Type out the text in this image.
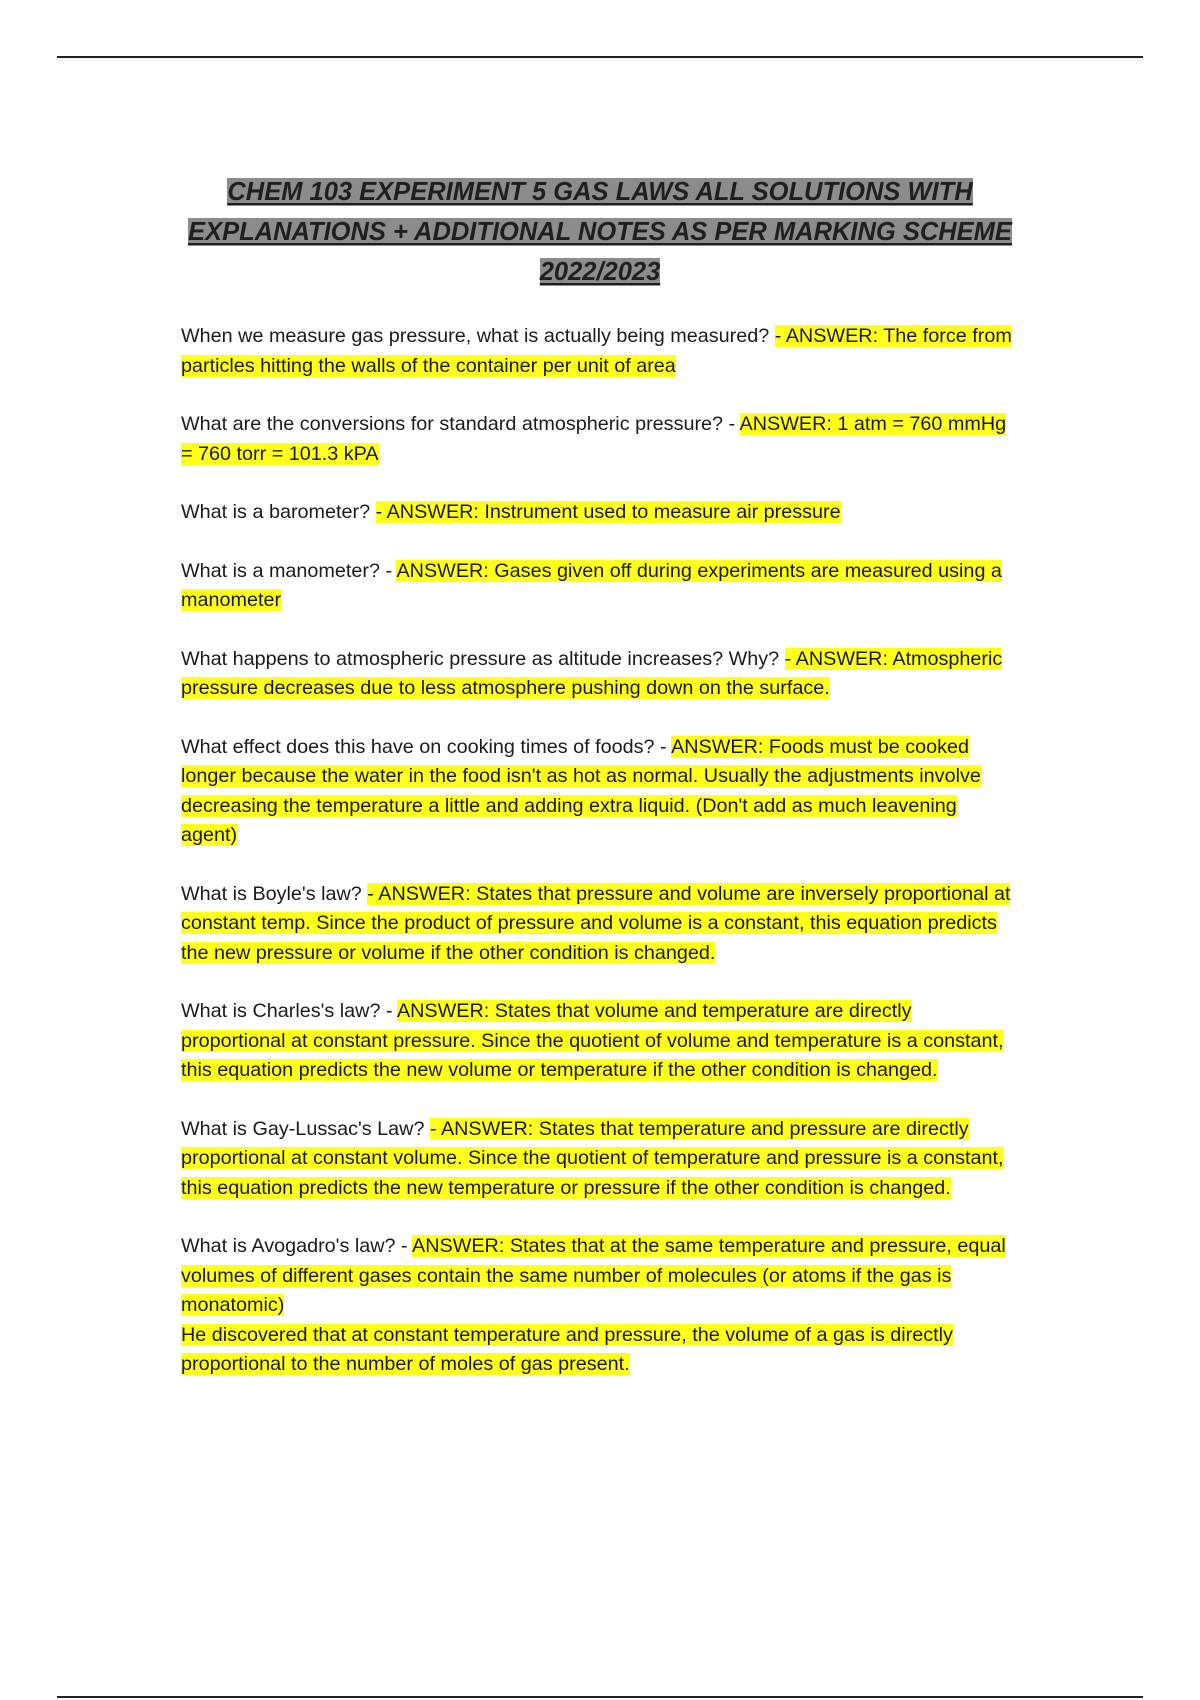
CHEM 103 EXPERIMENT 5 GAS LAWS ALL SOLUTIONS WITH EXPLANATIONS + ADDITIONAL NOTES AS PER MARKING SCHEME 2022/2023

When we measure gas pressure, what is actually being measured? - ANSWER: The force from particles hitting the walls of the container per unit of area

What are the conversions for standard atmospheric pressure? - ANSWER: 1 atm = 760 mmHg = 760 torr = 101.3 kPA

What is a barometer? - ANSWER: Instrument used to measure air pressure

What is a manometer? - ANSWER: Gases given off during experiments are measured using a manometer

What happens to atmospheric pressure as altitude increases? Why? - ANSWER: Atmospheric pressure decreases due to less atmosphere pushing down on the surface.

What effect does this have on cooking times of foods? - ANSWER: Foods must be cooked longer because the water in the food isn't as hot as normal. Usually the adjustments involve decreasing the temperature a little and adding extra liquid. (Don't add as much leavening agent)

What is Boyle's law? - ANSWER: States that pressure and volume are inversely proportional at constant temp. Since the product of pressure and volume is a constant, this equation predicts the new pressure or volume if the other condition is changed.

What is Charles's law? - ANSWER: States that volume and temperature are directly proportional at constant pressure. Since the quotient of volume and temperature is a constant, this equation predicts the new volume or temperature if the other condition is changed.

What is Gay-Lussac's Law? - ANSWER: States that temperature and pressure are directly proportional at constant volume. Since the quotient of temperature and pressure is a constant, this equation predicts the new temperature or pressure if the other condition is changed.

What is Avogadro's law? - ANSWER: States that at the same temperature and pressure, equal volumes of different gases contain the same number of molecules (or atoms if the gas is monatomic)
He discovered that at constant temperature and pressure, the volume of a gas is directly proportional to the number of moles of gas present.
